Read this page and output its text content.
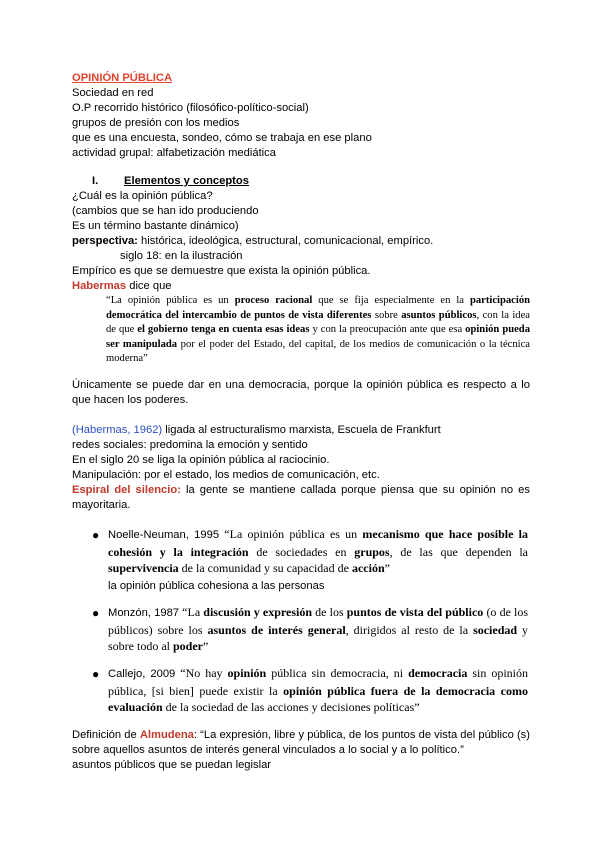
OPINIÓN PÚBLICA
Sociedad en red
O.P recorrido histórico (filosófico-político-social)
grupos de presión con los medios
que es una encuesta, sondeo, cómo se trabaja en ese plano
actividad grupal: alfabetización mediática
I. Elementos y conceptos
¿Cuál es la opinión pública?
(cambios que se han ido produciendo
Es un término bastante dinámico)
perspectiva: histórica, ideológica, estructural, comunicacional, empírico.
siglo 18: en la ilustración
Empírico es que se demuestre que exista la opinión pública.
Habermas dice que
“La opinión pública es un proceso racional que se fija especialmente en la participación democrática del intercambio de puntos de vista diferentes sobre asuntos públicos, con la idea de que el gobierno tenga en cuenta esas ideas y con la preocupación ante que esa opinión pueda ser manipulada por el poder del Estado, del capital, de los medios de comunicación o la técnica moderna”
Únicamente se puede dar en una democracia, porque la opinión pública es respecto a lo que hacen los poderes.
(Habermas, 1962) ligada al estructuralismo marxista, Escuela de Frankfurt
redes sociales: predomina la emoción y sentido
En el siglo 20 se liga la opinión pública al raciocinio.
Manipulación: por el estado, los medios de comunicación, etc.
Espiral del silencio: la gente se mantiene callada porque piensa que su opinión no es mayoritaria.
● Noelle-Neuman, 1995 “La opinión pública es un mecanismo que hace posible la cohesión y la integración de sociedades en grupos, de las que dependen la supervivencia de la comunidad y su capacidad de acción”
la opinión pública cohesiona a las personas
● Monzón, 1987 “La discusión y expresión de los puntos de vista del público (o de los públicos) sobre los asuntos de interés general, dirigidos al resto de la sociedad y sobre todo al poder”
● Callejo, 2009 “No hay opinión pública sin democracia, ni democracia sin opinión pública, [si bien] puede existir la opinión pública fuera de la democracia como evaluación de la sociedad de las acciones y decisiones políticas”
Definición de Almudena: “La expresión, libre y pública, de los puntos de vista del público (s) sobre aquellos asuntos de interés general vinculados a lo social y a lo político.”
asuntos públicos que se puedan legislar
